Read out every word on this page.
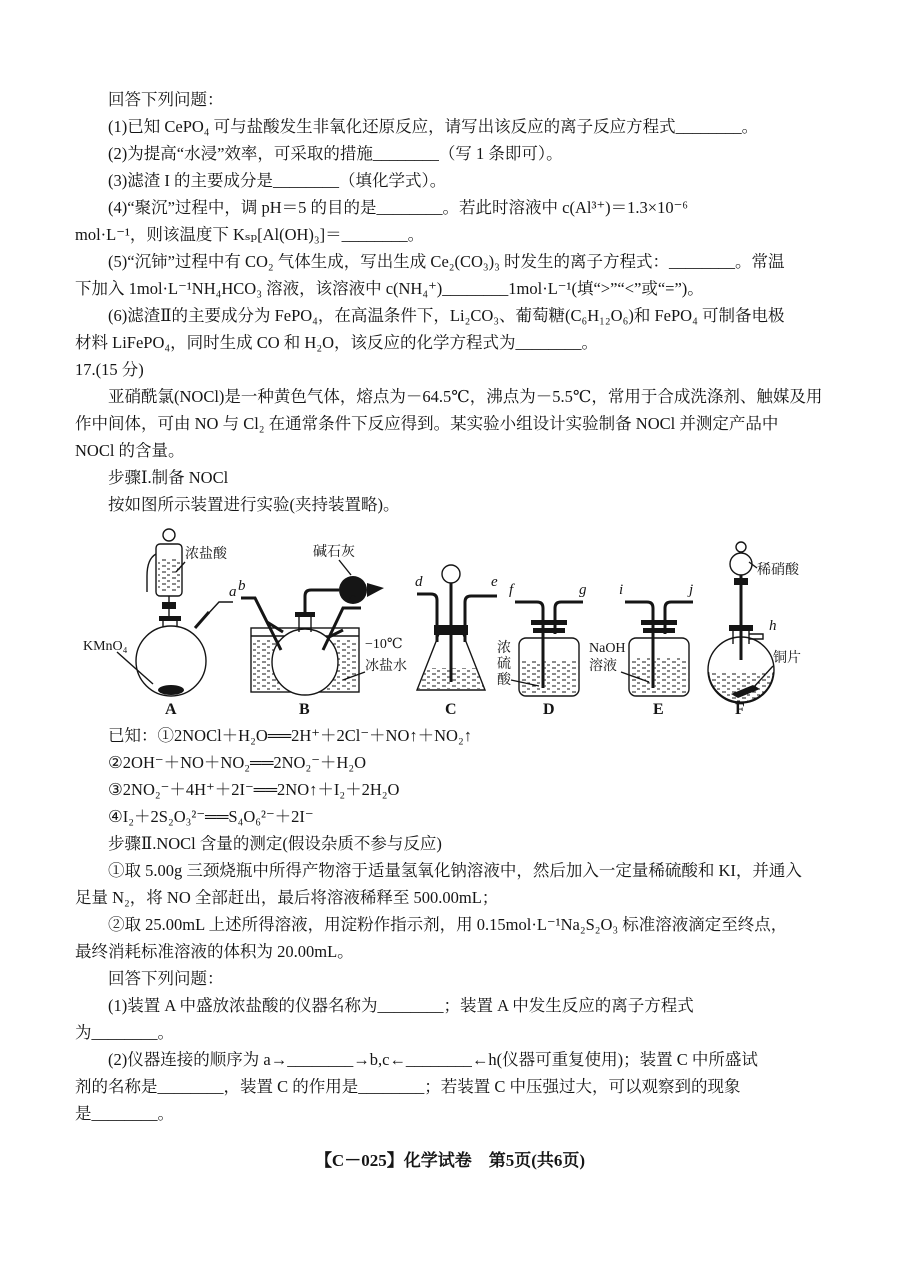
回答下列问题：
(1)已知 CePO₄ 可与盐酸发生非氧化还原反应，请写出该反应的离子反应方程式________。
(2)为提高“水浸”效率，可采取的措施________（写 1 条即可）。
(3)滤渣 I 的主要成分是________（填化学式）。
(4)“聚沉”过程中，调 pH＝5 的目的是________。若此时溶液中 c(Al³⁺)＝1.3×10⁻⁶
mol·L⁻¹，则该温度下 Kₛₚ[Al(OH)₃]＝________。
(5)“沉铈”过程中有 CO₂ 气体生成，写出生成 Ce₂(CO₃)₃ 时发生的离子方程式：________。常温
下加入 1mol·L⁻¹NH₄HCO₃ 溶液，该溶液中 c(NH₄⁺)________1mol·L⁻¹(填“>”“<”或“=”)。
(6)滤渣Ⅱ的主要成分为 FePO₄，在高温条件下，Li₂CO₃、葡萄糖(C₆H₁₂O₆)和 FePO₄ 可制备电极
材料 LiFePO₄，同时生成 CO 和 H₂O，该反应的化学方程式为________。
17.(15 分)
亚硝酰氯(NOCl)是一种黄色气体，熔点为－64.5℃，沸点为－5.5℃，常用于合成洗涤剂、触媒及用
作中间体，可由 NO 与 Cl₂ 在通常条件下反应得到。某实验小组设计实验制备 NOCl 并测定产品中
NOCl 的含量。
步骤Ⅰ.制备 NOCl
按如图所示装置进行实验(夹持装置略)。
a
KMnO₄
浓盐酸
A
碱石灰
b
c
−10℃
冰盐水
B
d	e
C
f	g
浓
硫
酸
D
i	j
NaOH
溶液
E
h
稀硝酸
铜片
F
已知：①2NOCl＋H₂O══2H⁺＋2Cl⁻＋NO↑＋NO₂↑
②2OH⁻＋NO＋NO₂══2NO₂⁻＋H₂O
③2NO₂⁻＋4H⁺＋2I⁻══2NO↑＋I₂＋2H₂O
④I₂＋2S₂O₃²⁻══S₄O₆²⁻＋2I⁻
步骤Ⅱ.NOCl 含量的测定(假设杂质不参与反应)
①取 5.00g 三颈烧瓶中所得产物溶于适量氢氧化钠溶液中，然后加入一定量稀硫酸和 KI，并通入
足量 N₂，将 NO 全部赶出，最后将溶液稀释至 500.00mL；
②取 25.00mL 上述所得溶液，用淀粉作指示剂，用 0.15mol·L⁻¹Na₂S₂O₃ 标准溶液滴定至终点，
最终消耗标准溶液的体积为 20.00mL。
回答下列问题：
(1)装置 A 中盛放浓盐酸的仪器名称为________；装置 A 中发生反应的离子方程式
为________。
(2)仪器连接的顺序为 a→________→b,c←________←h(仪器可重复使用)；装置 C 中所盛试
剂的名称是________，装置 C 的作用是________；若装置 C 中压强过大，可以观察到的现象
是________。
【C－025】化学试卷　第5页(共6页)
